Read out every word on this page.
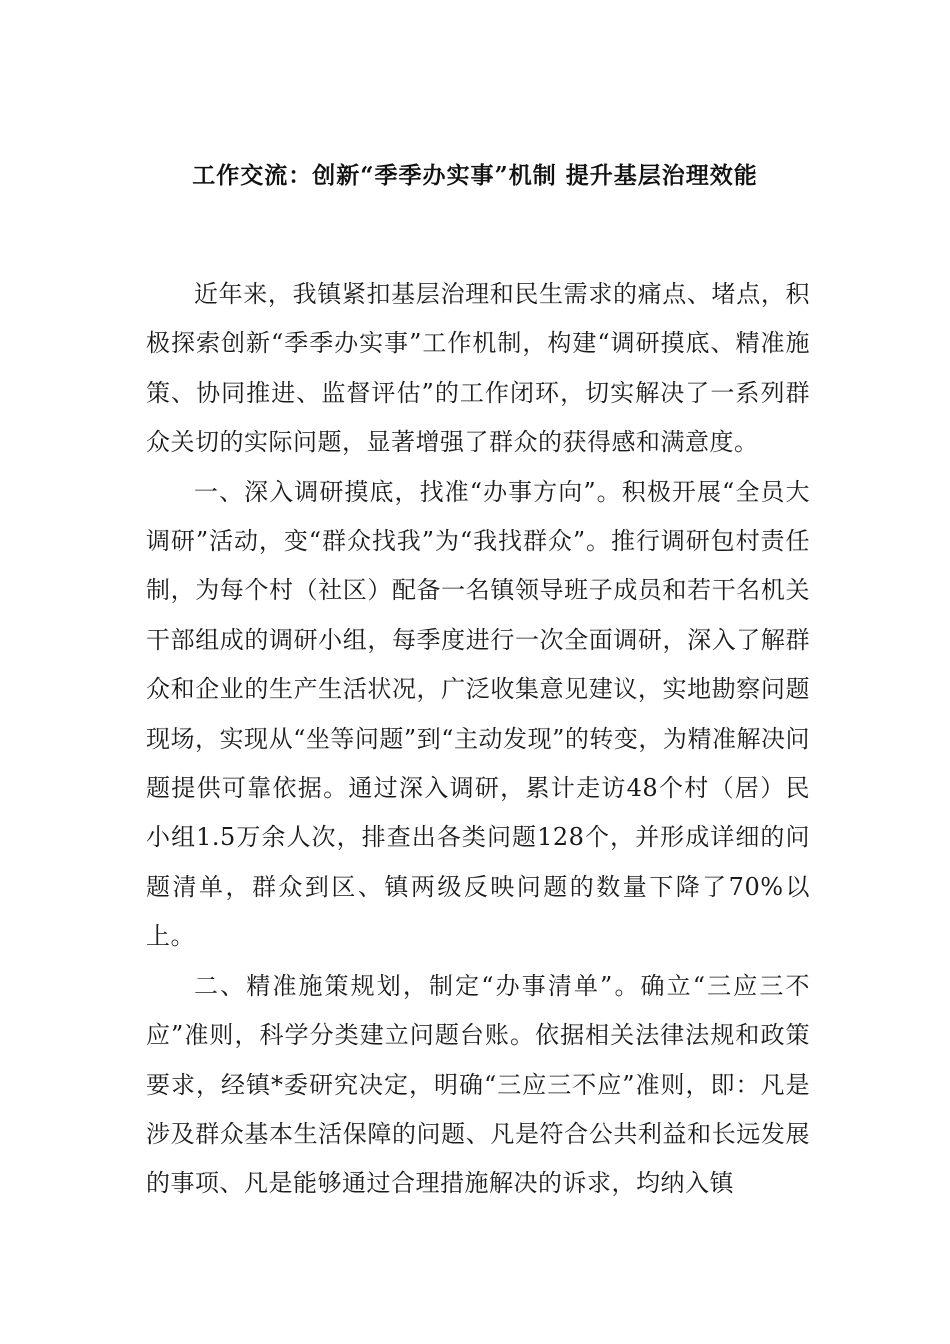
工作交流：创新“季季办实事”机制 提升基层治理效能

近年来，我镇紧扣基层治理和民生需求的痛点、堵点，积极探索创新“季季办实事”工作机制，构建“调研摸底、精准施策、协同推进、监督评估”的工作闭环，切实解决了一系列群众关切的实际问题，显著增强了群众的获得感和满意度。

一、深入调研摸底，找准“办事方向”。积极开展“全员大调研”活动，变“群众找我”为“我找群众”。推行调研包村责任制，为每个村（社区）配备一名镇领导班子成员和若干名机关干部组成的调研小组，每季度进行一次全面调研，深入了解群众和企业的生产生活状况，广泛收集意见建议，实地勘察问题现场，实现从“坐等问题”到“主动发现”的转变，为精准解决问题提供可靠依据。通过深入调研，累计走访48个村（居）民小组1.5万余人次，排查出各类问题128个，并形成详细的问题清单，群众到区、镇两级反映问题的数量下降了70%以上。

二、精准施策规划，制定“办事清单”。确立“三应三不应”准则，科学分类建立问题台账。依据相关法律法规和政策要求，经镇*委研究决定，明确“三应三不应”准则，即：凡是涉及群众基本生活保障的问题、凡是符合公共利益和长远发展的事项、凡是能够通过合理措施解决的诉求，均纳入镇
